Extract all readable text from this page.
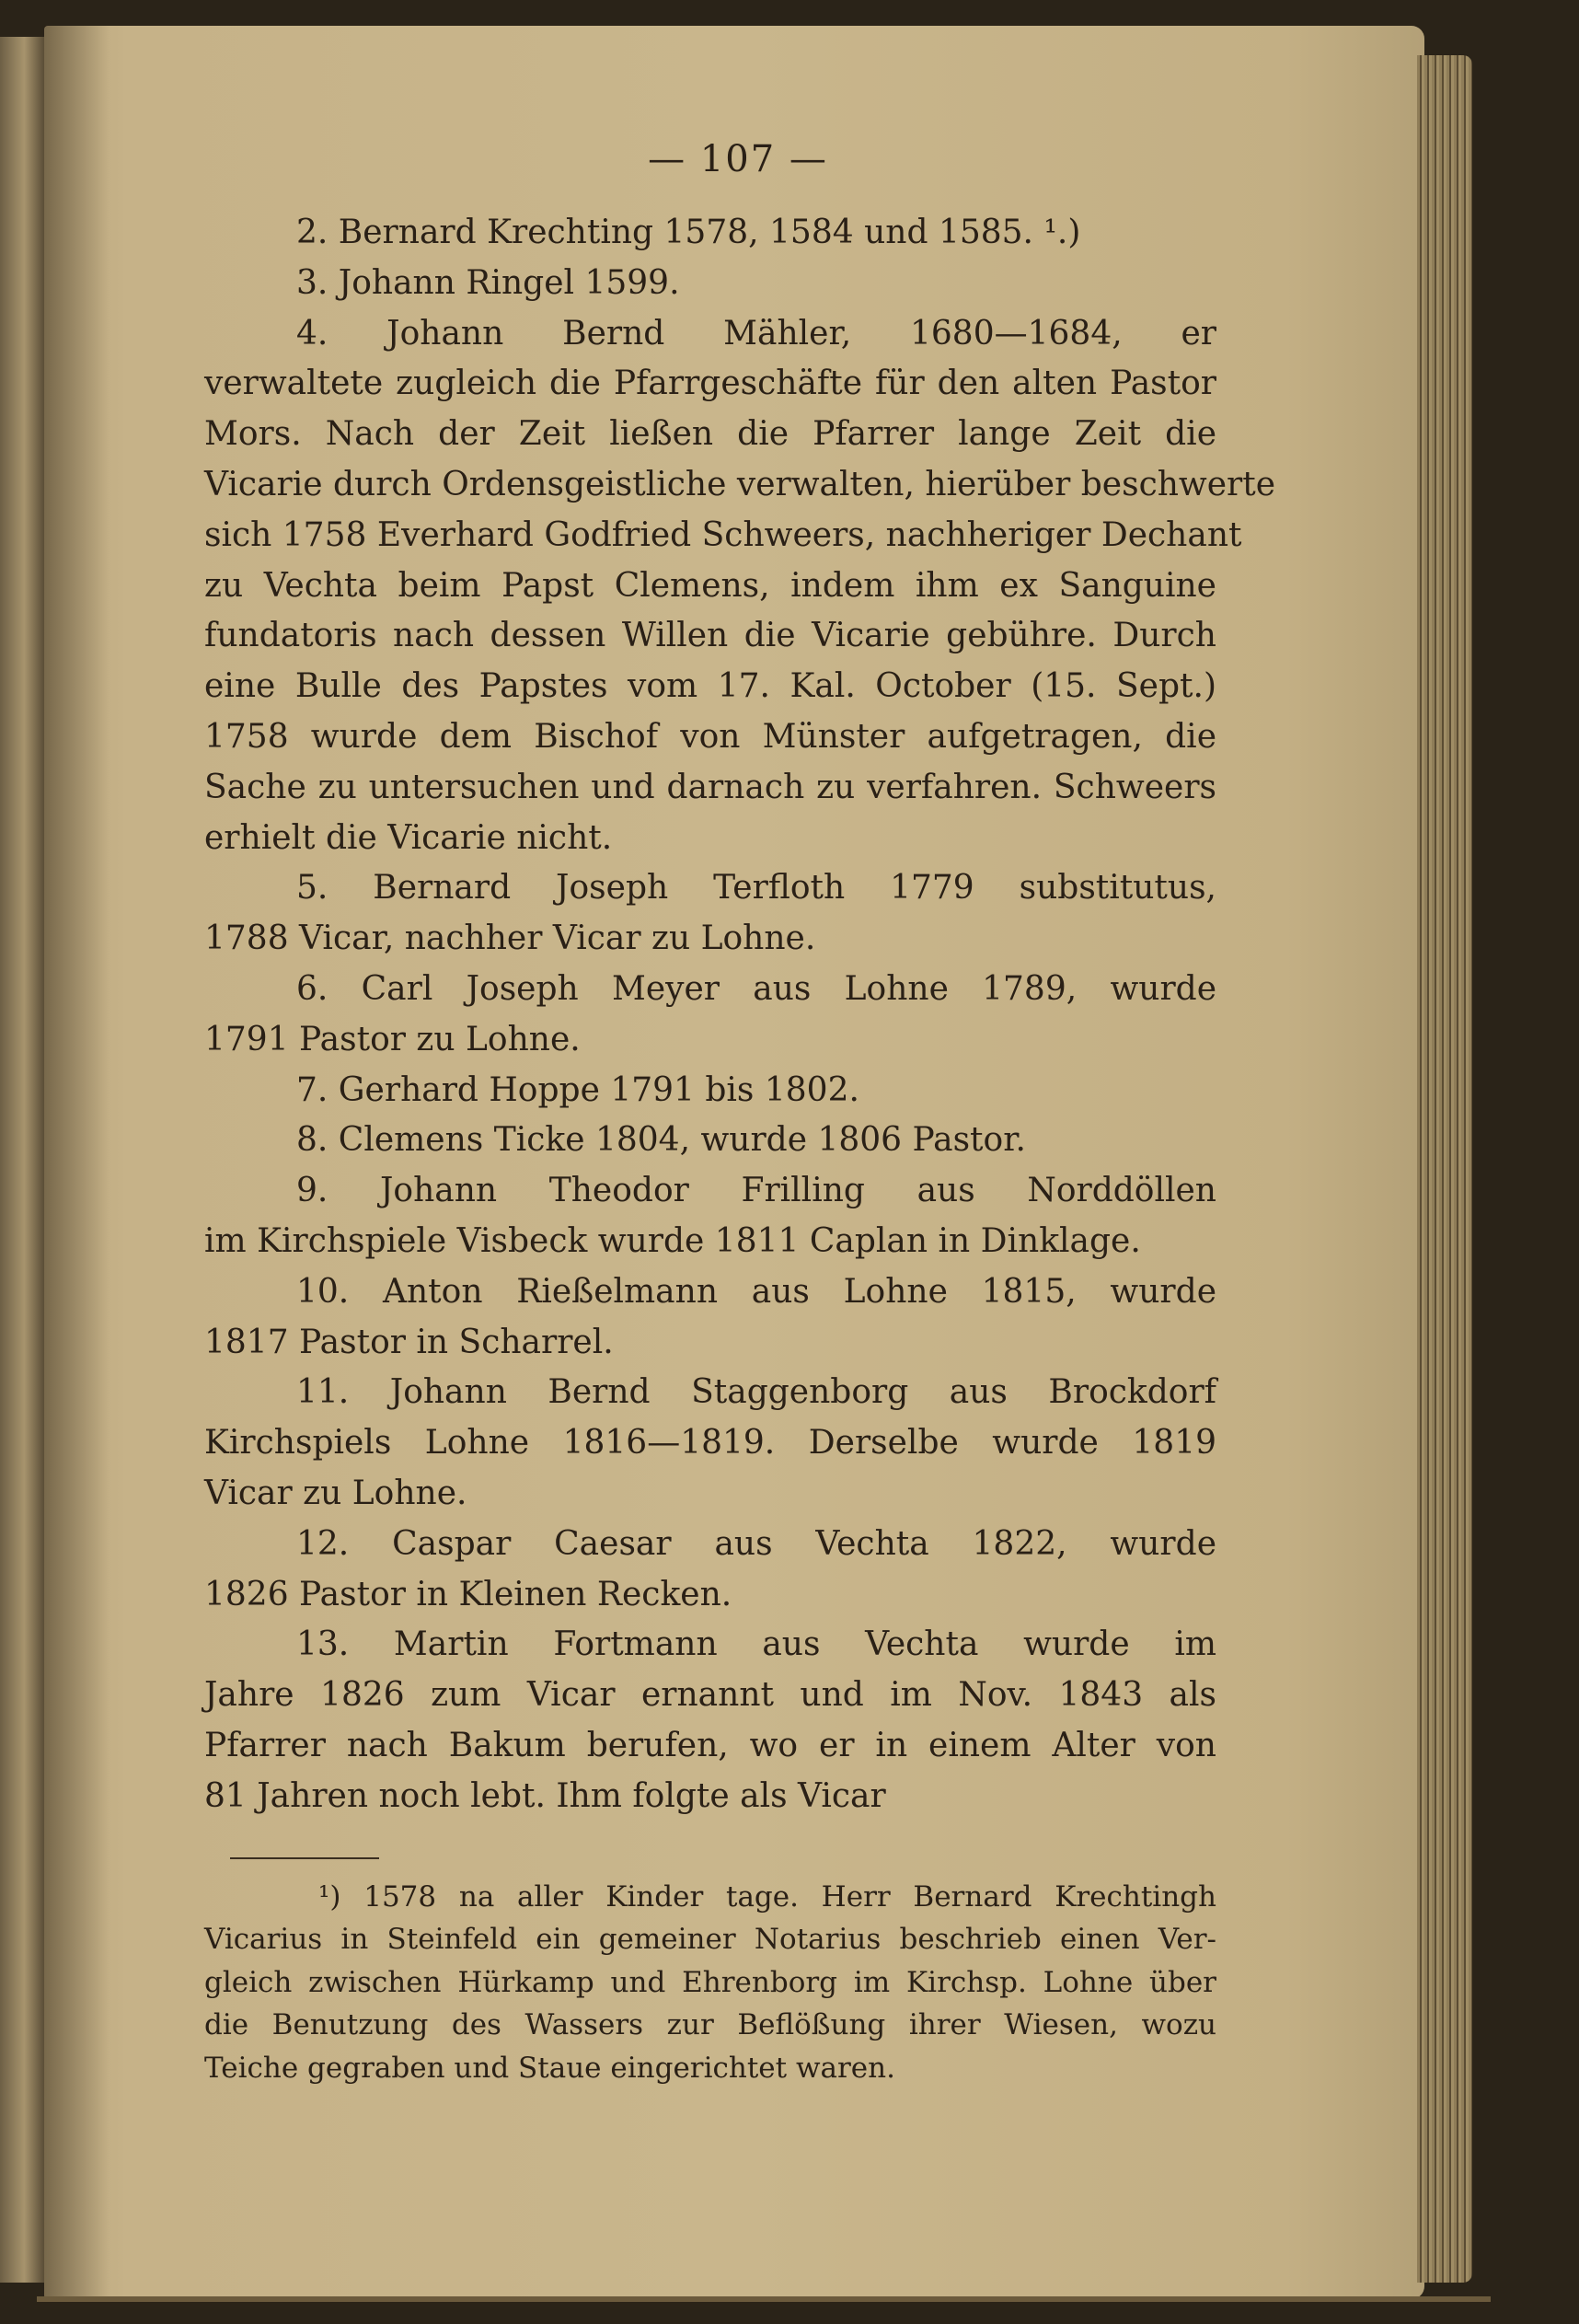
— 107 —
2. Bernard Krechting 1578, 1584 und 1585. ¹.)
3. Johann Ringel 1599.
4. Johann Bernd Mähler, 1680—1684, er
verwaltete zugleich die Pfarrgeschäfte für den alten Pastor
Mors. Nach der Zeit ließen die Pfarrer lange Zeit die
Vicarie durch Ordensgeistliche verwalten, hierüber beschwerte
sich 1758 Everhard Godfried Schweers, nachheriger Dechant
zu Vechta beim Papst Clemens, indem ihm ex Sanguine
fundatoris nach dessen Willen die Vicarie gebühre. Durch
eine Bulle des Papstes vom 17. Kal. October (15. Sept.)
1758 wurde dem Bischof von Münster aufgetragen, die
Sache zu untersuchen und darnach zu verfahren. Schweers
erhielt die Vicarie nicht.
5. Bernard Joseph Terfloth 1779 substitutus,
1788 Vicar, nachher Vicar zu Lohne.
6. Carl Joseph Meyer aus Lohne 1789, wurde
1791 Pastor zu Lohne.
7. Gerhard Hoppe 1791 bis 1802.
8. Clemens Ticke 1804, wurde 1806 Pastor.
9. Johann Theodor Frilling aus Norddöllen
im Kirchspiele Visbeck wurde 1811 Caplan in Dinklage.
10. Anton Rießelmann aus Lohne 1815, wurde
1817 Pastor in Scharrel.
11. Johann Bernd Staggenborg aus Brockdorf
Kirchspiels Lohne 1816—1819. Derselbe wurde 1819
Vicar zu Lohne.
12. Caspar Caesar aus Vechta 1822, wurde
1826 Pastor in Kleinen Recken.
13. Martin Fortmann aus Vechta wurde im
Jahre 1826 zum Vicar ernannt und im Nov. 1843 als
Pfarrer nach Bakum berufen, wo er in einem Alter von
81 Jahren noch lebt. Ihm folgte als Vicar
¹) 1578 na aller Kinder tage. Herr Bernard Krechtingh
Vicarius in Steinfeld ein gemeiner Notarius beschrieb einen Ver-
gleich zwischen Hürkamp und Ehrenborg im Kirchsp. Lohne über
die Benutzung des Wassers zur Beflößung ihrer Wiesen, wozu
Teiche gegraben und Staue eingerichtet waren.
